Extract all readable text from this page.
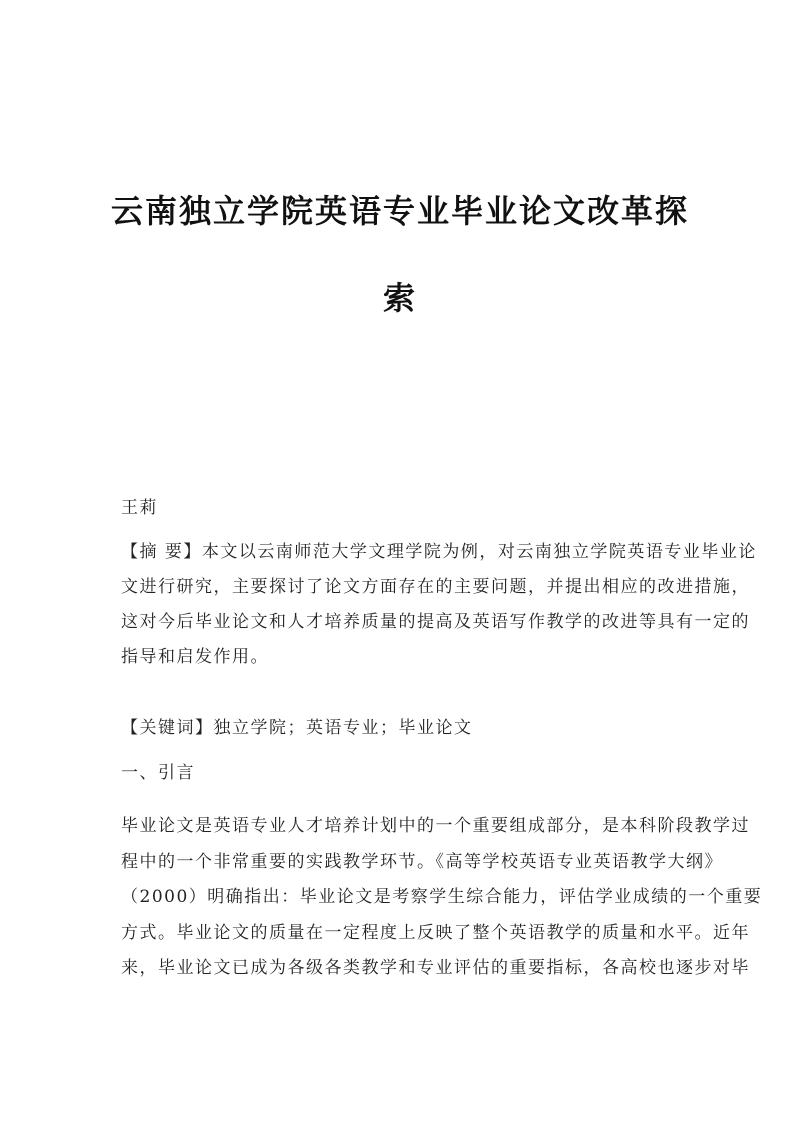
云南独立学院英语专业毕业论文改革探
索
王莉
【摘 要】本文以云南师范大学文理学院为例，对云南独立学院英语专业毕业论
文进行研究，主要探讨了论文方面存在的主要问题，并提出相应的改进措施，
这对今后毕业论文和人才培养质量的提高及英语写作教学的改进等具有一定的
指导和启发作用。
【关键词】独立学院；英语专业；毕业论文
一、引言
毕业论文是英语专业人才培养计划中的一个重要组成部分，是本科阶段教学过
程中的一个非常重要的实践教学环节。《高等学校英语专业英语教学大纲》
（2000）明确指出：毕业论文是考察学生综合能力，评估学业成绩的一个重要
方式。毕业论文的质量在一定程度上反映了整个英语教学的质量和水平。近年
来，毕业论文已成为各级各类教学和专业评估的重要指标，各高校也逐步对毕
